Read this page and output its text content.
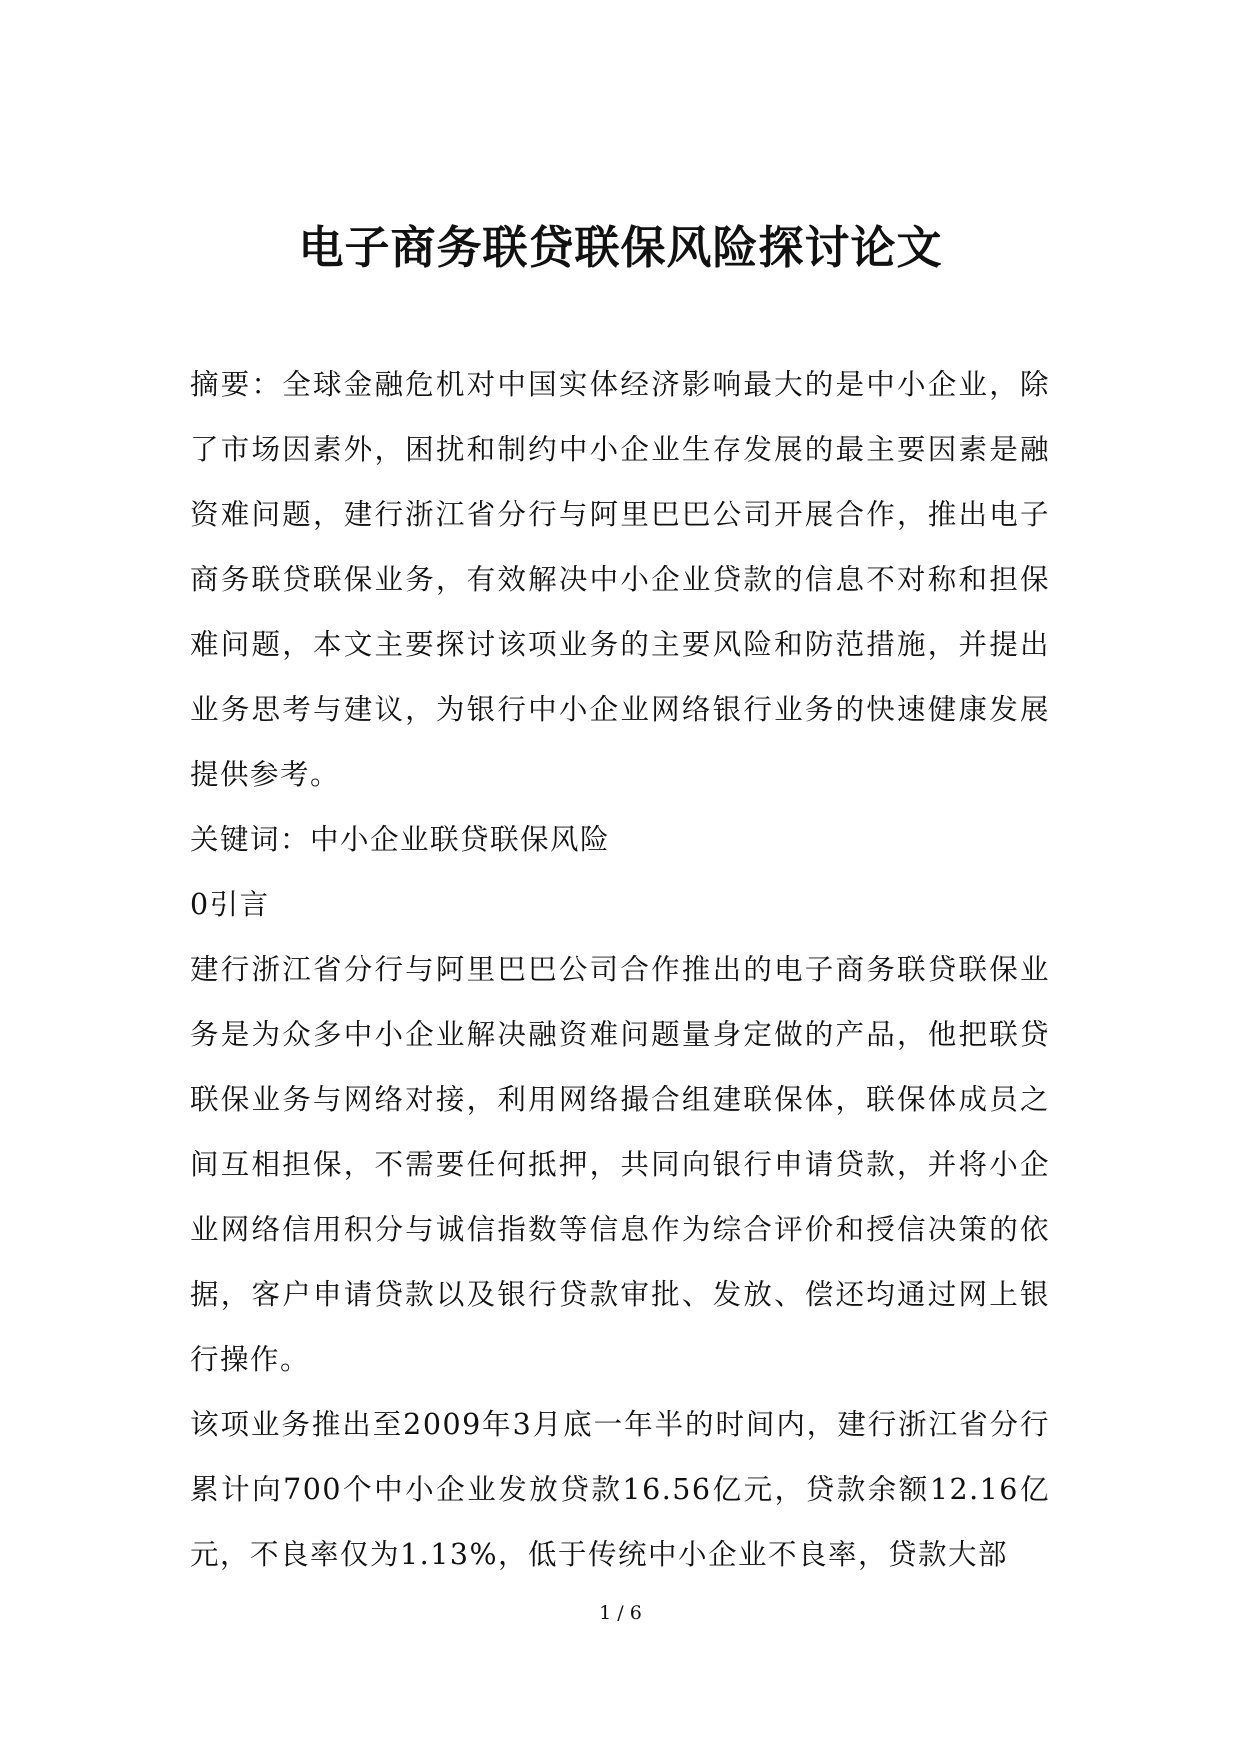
电子商务联贷联保风险探讨论文

摘要：全球金融危机对中国实体经济影响最大的是中小企业，除了市场因素外，困扰和制约中小企业生存发展的最主要因素是融资难问题，建行浙江省分行与阿里巴巴公司开展合作，推出电子商务联贷联保业务，有效解决中小企业贷款的信息不对称和担保难问题，本文主要探讨该项业务的主要风险和防范措施，并提出业务思考与建议，为银行中小企业网络银行业务的快速健康发展提供参考。

关键词：中小企业联贷联保风险

0引言

建行浙江省分行与阿里巴巴公司合作推出的电子商务联贷联保业务是为众多中小企业解决融资难问题量身定做的产品，他把联贷联保业务与网络对接，利用网络撮合组建联保体，联保体成员之间互相担保，不需要任何抵押，共同向银行申请贷款，并将小企业网络信用积分与诚信指数等信息作为综合评价和授信决策的依据，客户申请贷款以及银行贷款审批、发放、偿还均通过网上银行操作。

该项业务推出至2009年3月底一年半的时间内，建行浙江省分行累计向700个中小企业发放贷款16.56亿元，贷款余额12.16亿元，不良率仅为1.13%，低于传统中小企业不良率，贷款大部

1 / 6
